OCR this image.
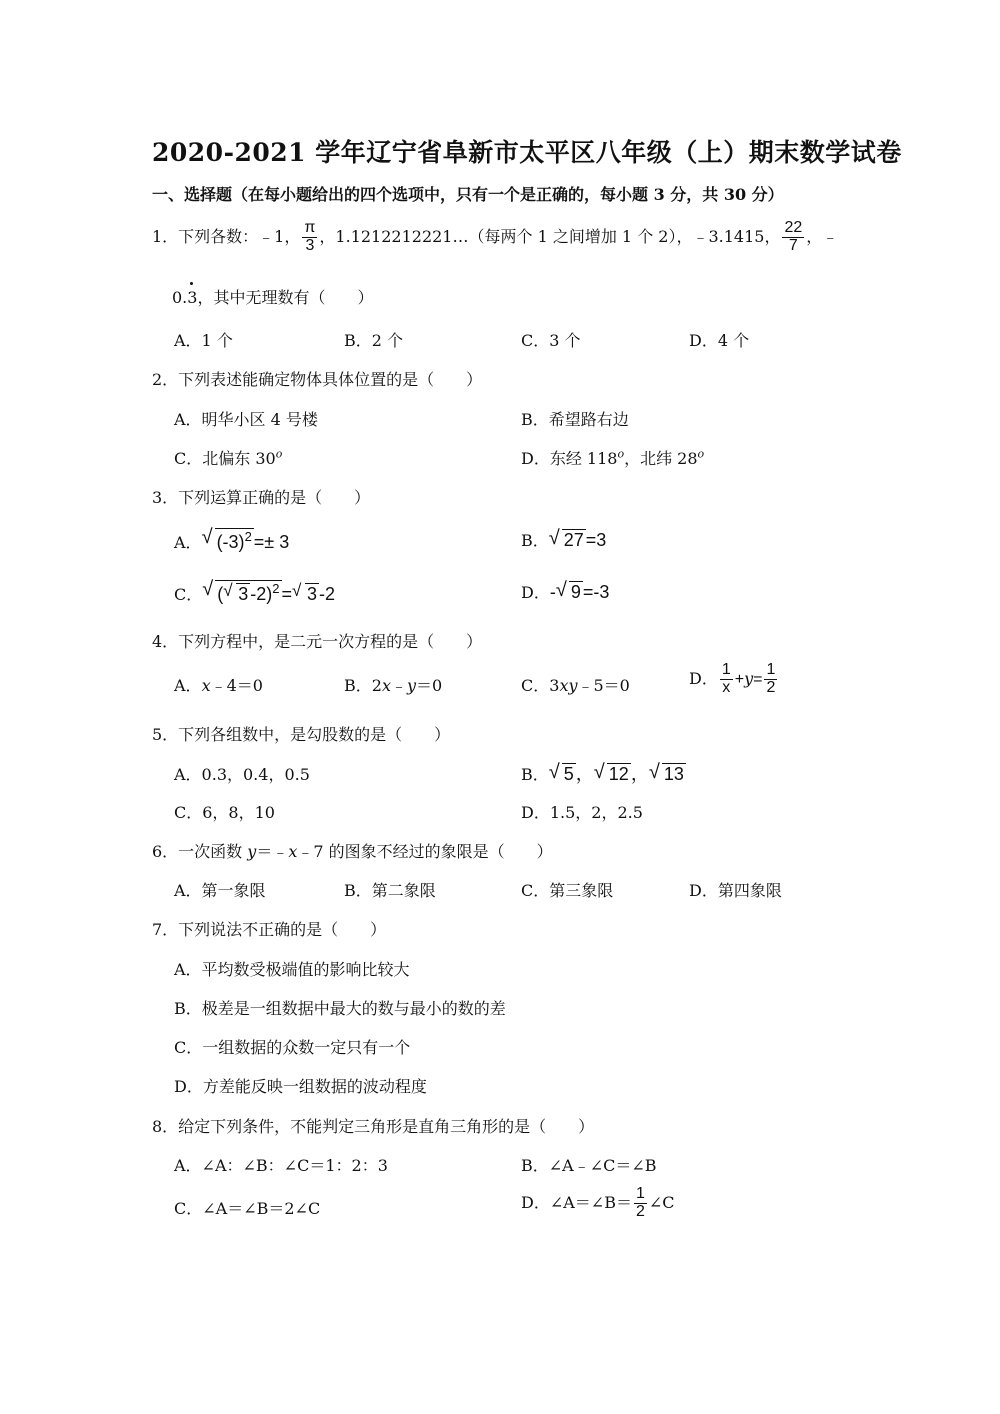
2020-2021 学年辽宁省阜新市太平区八年级（上）期末数学试卷
一、选择题（在每小题给出的四个选项中，只有一个是正确的，每小题 3 分，共 30 分）
1．下列各数：﹣1， $\frac{\pi}{3}$ ，1.1212212221…（每两个 1 之间增加 1 个 2），﹣3.1415， $\frac{22}{7}$ ，﹣
0.3，其中无理数有（　　）
A．1 个	B．2 个	C．3 个	D．4 个
2．下列表述能确定物体具体位置的是（　　）
A．明华小区 4 号楼	B．希望路右边
C．北偏东 30$^o$	D．东经 118$^o$，北纬 28$^o$
3．下列运算正确的是（　　）
A． √ $(-3)^2 =\pm 3$	B． √ 27 =3
C． √ ( √ 3 -2)$^2$ = √ 3 -2	D．- √ 9 =-3
4．下列方程中，是二元一次方程的是（　　）
A．x﹣4＝0	B．2x﹣y＝0	C．3xy﹣5＝0	D． $\frac{1}{x} +y= \frac{1}{2}$
5．下列各组数中，是勾股数的是（　　）
A．0.3，0.4，0.5	B． √ 5 ， √ 12 ， √ 13
C．6，8，10	D．1.5，2，2.5
6．一次函数 y＝﹣x﹣7 的图象不经过的象限是（　　）
A．第一象限	B．第二象限	C．第三象限	D．第四象限
7．下列说法不正确的是（　　）
A．平均数受极端值的影响比较大
B．极差是一组数据中最大的数与最小的数的差
C．一组数据的众数一定只有一个
D．方差能反映一组数据的波动程度
8．给定下列条件，不能判定三角形是直角三角形的是（　　）
A．∠A：∠B：∠C＝1：2：3	B．∠A﹣∠C＝∠B
C．∠A＝∠B＝2∠C	D．∠A＝∠B＝ $\frac{1}{2}$ ∠C
